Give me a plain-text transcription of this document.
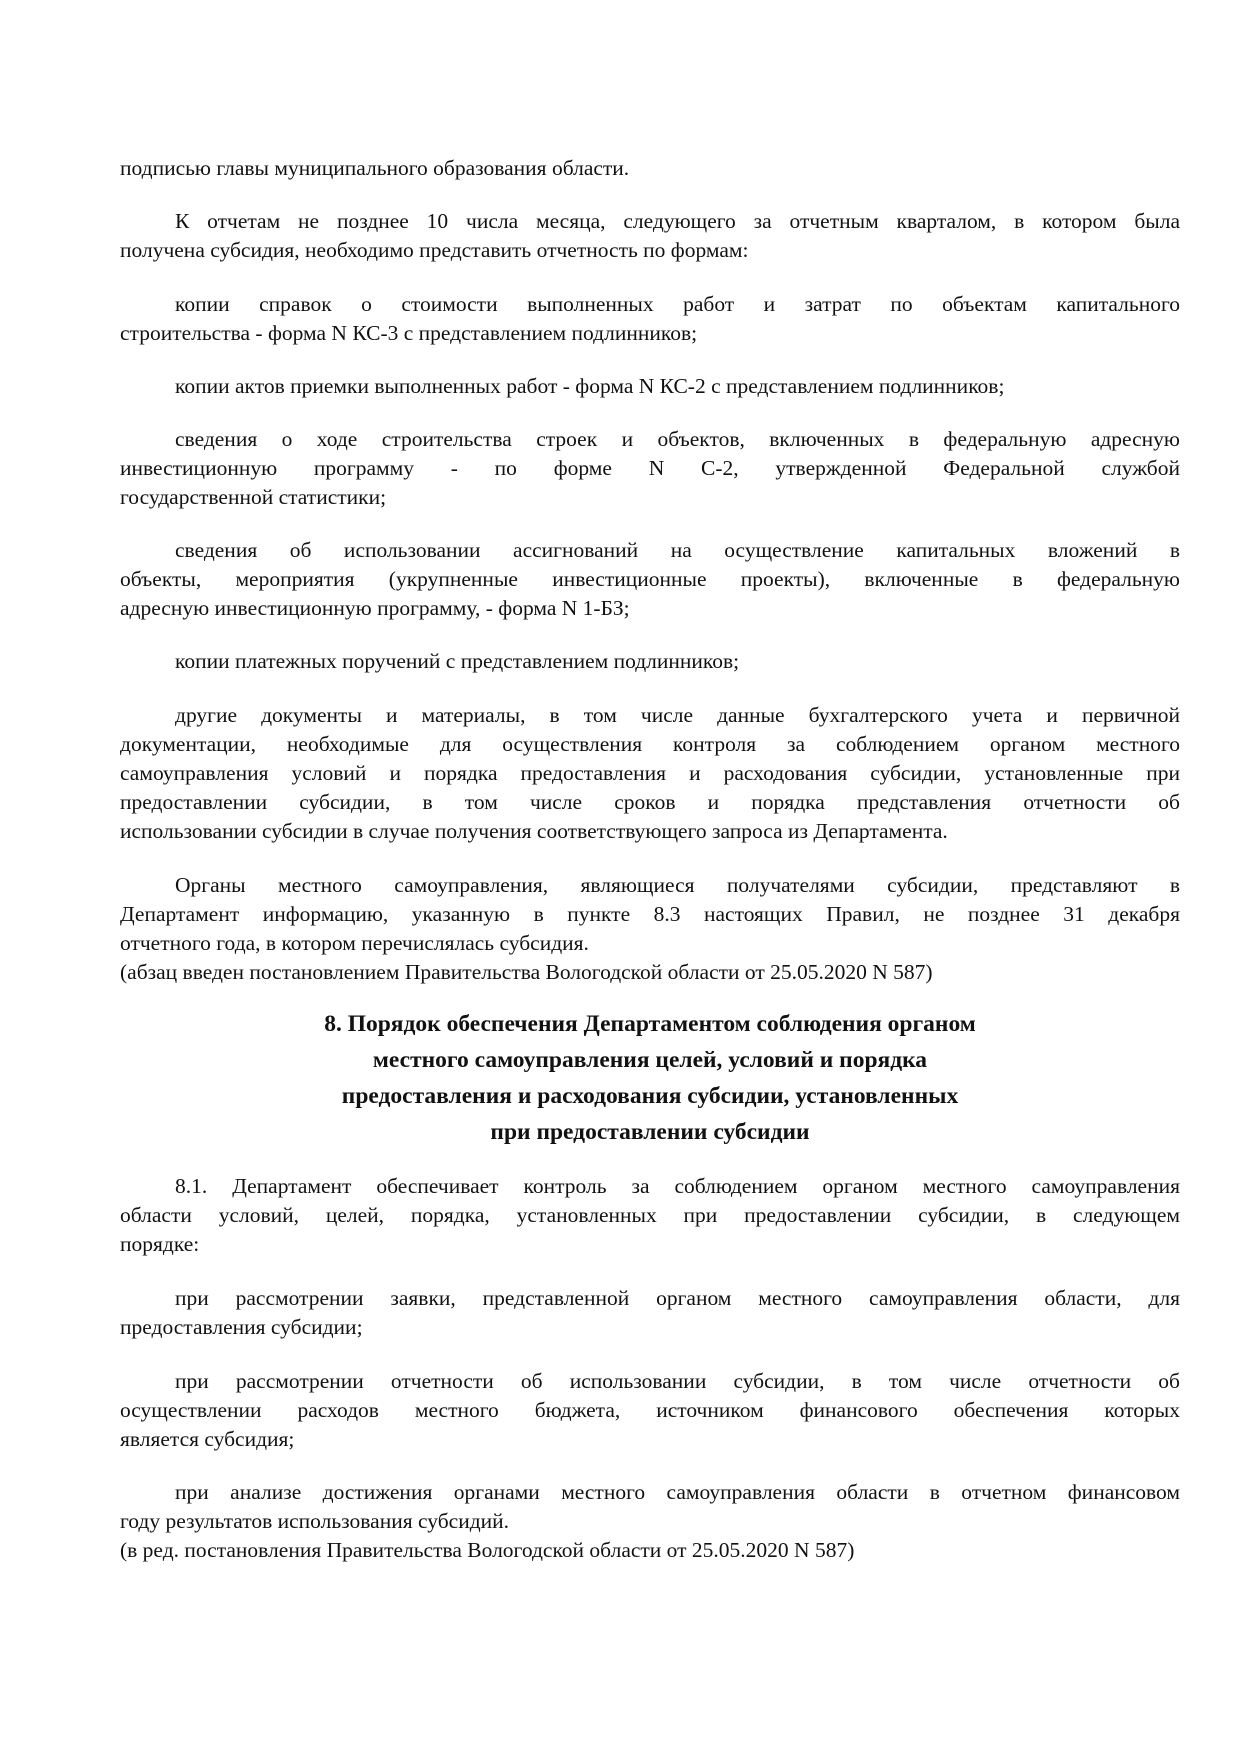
подписью главы муниципального образования области.
К отчетам не позднее 10 числа месяца, следующего за отчетным кварталом, в котором была
получена субсидия, необходимо представить отчетность по формам:
копии справок о стоимости выполненных работ и затрат по объектам капитального
строительства - форма N КС-3 с представлением подлинников;
копии актов приемки выполненных работ - форма N КС-2 с представлением подлинников;
сведения о ходе строительства строек и объектов, включенных в федеральную адресную
инвестиционную программу - по форме N С-2, утвержденной Федеральной службой
государственной статистики;
сведения об использовании ассигнований на осуществление капитальных вложений в
объекты, мероприятия (укрупненные инвестиционные проекты), включенные в федеральную
адресную инвестиционную программу, - форма N 1-БЗ;
копии платежных поручений с представлением подлинников;
другие документы и материалы, в том числе данные бухгалтерского учета и первичной
документации, необходимые для осуществления контроля за соблюдением органом местного
самоуправления условий и порядка предоставления и расходования субсидии, установленные при
предоставлении субсидии, в том числе сроков и порядка представления отчетности об
использовании субсидии в случае получения соответствующего запроса из Департамента.
Органы местного самоуправления, являющиеся получателями субсидии, представляют в
Департамент информацию, указанную в пункте 8.3 настоящих Правил, не позднее 31 декабря
отчетного года, в котором перечислялась субсидия.
(абзац введен постановлением Правительства Вологодской области от 25.05.2020 N 587)
8.1. Департамент обеспечивает контроль за соблюдением органом местного самоуправления
области условий, целей, порядка, установленных при предоставлении субсидии, в следующем
порядке:
при рассмотрении заявки, представленной органом местного самоуправления области, для
предоставления субсидии;
при рассмотрении отчетности об использовании субсидии, в том числе отчетности об
осуществлении расходов местного бюджета, источником финансового обеспечения которых
является субсидия;
при анализе достижения органами местного самоуправления области в отчетном финансовом
году результатов использования субсидий.
(в ред. постановления Правительства Вологодской области от 25.05.2020 N 587)
8. Порядок обеспечения Департаментом соблюдения органом
местного самоуправления целей, условий и порядка
предоставления и расходования субсидии, установленных
при предоставлении субсидии
